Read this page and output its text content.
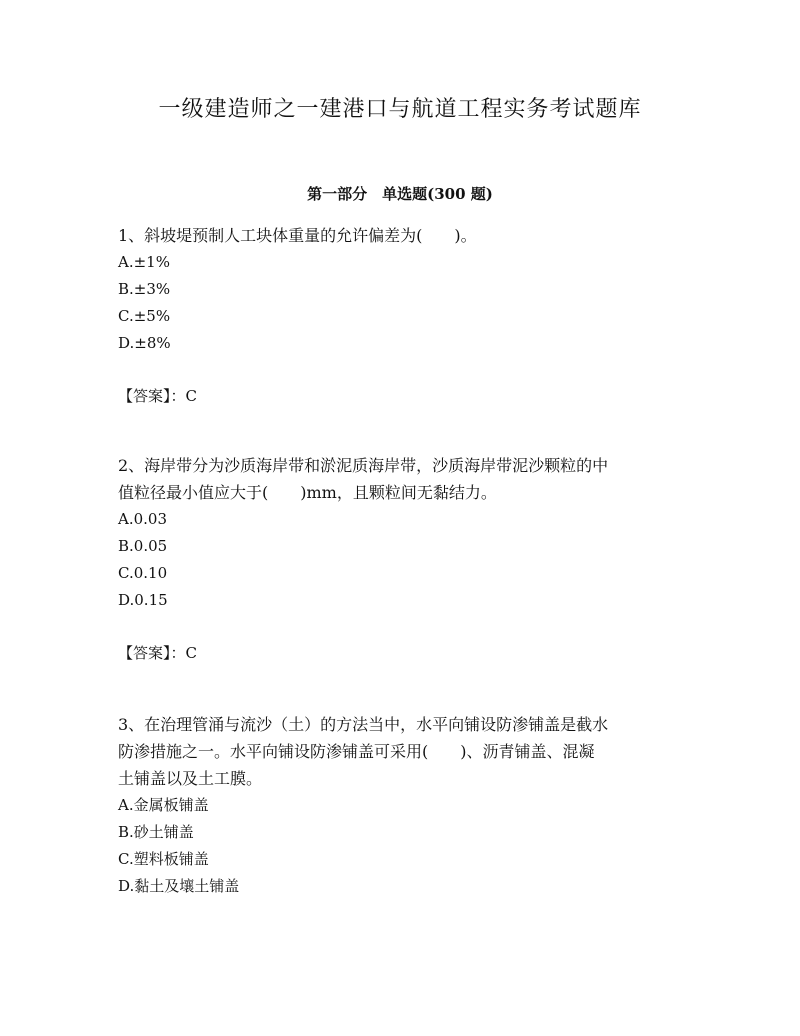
一级建造师之一建港口与航道工程实务考试题库
第一部分　单选题(300 题)

1、斜坡堤预制人工块体重量的允许偏差为(　　)。

A.±1%

B.±3%

C.±5%

D.±8%

【答案】：C

2、海岸带分为沙质海岸带和淤泥质海岸带，沙质海岸带泥沙颗粒的中

值粒径最小值应大于(　　)mm，且颗粒间无黏结力。

A.0.03

B.0.05

C.0.10

D.0.15

【答案】：C

3、在治理管涌与流沙（土）的方法当中，水平向铺设防渗铺盖是截水

防渗措施之一。水平向铺设防渗铺盖可采用(　　)、沥青铺盖、混凝

土铺盖以及土工膜。

A.金属板铺盖

B.砂土铺盖

C.塑料板铺盖

D.黏土及壤土铺盖
